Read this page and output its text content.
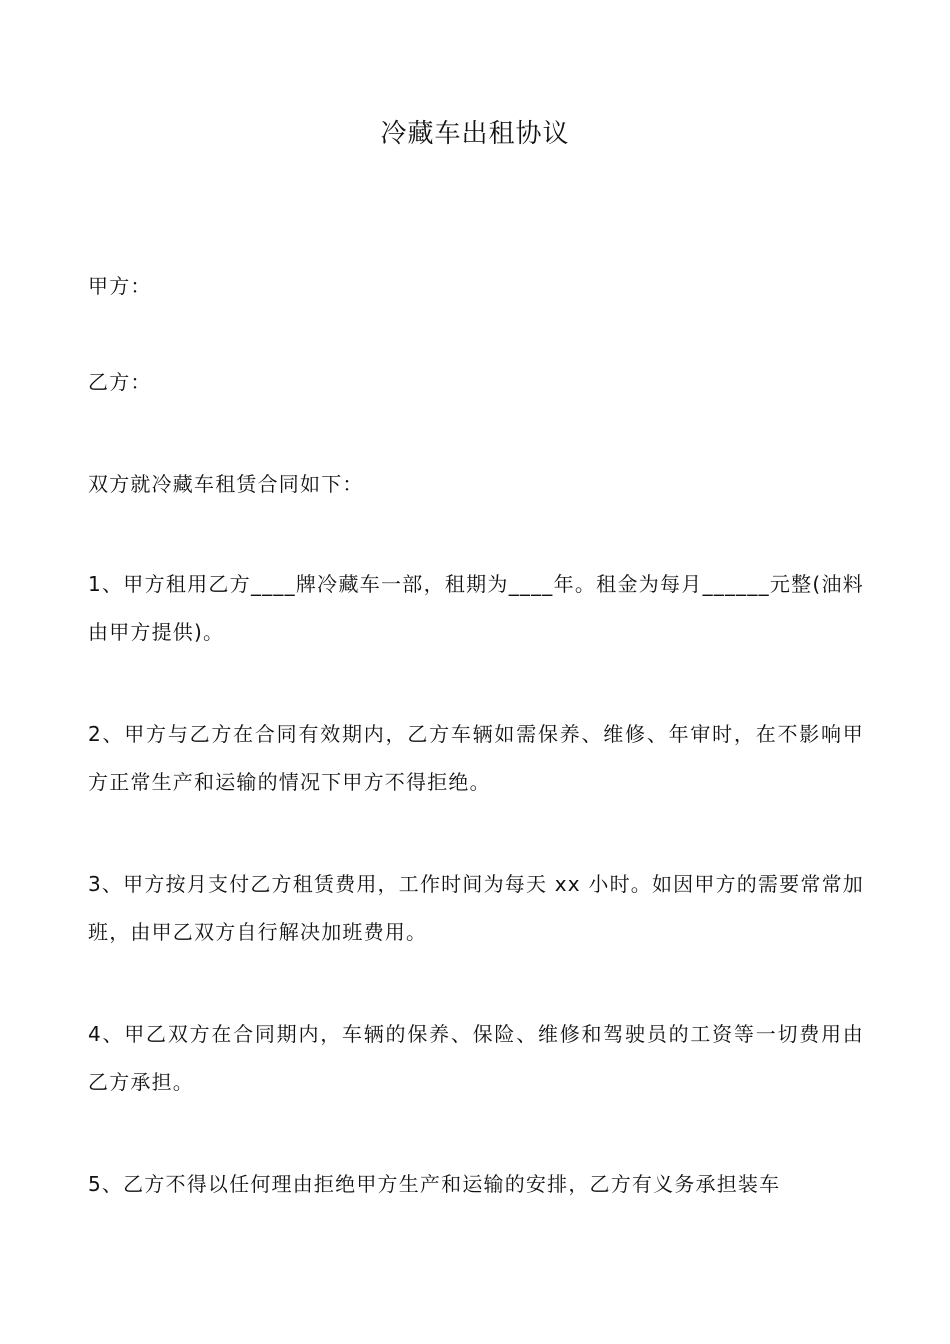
冷藏车出租协议

甲方：

乙方：

双方就冷藏车租赁合同如下：

1、甲方租用乙方____牌冷藏车一部，租期为____年。租金为每月______元整(油料由甲方提供)。

2、甲方与乙方在合同有效期内，乙方车辆如需保养、维修、年审时，在不影响甲方正常生产和运输的情况下甲方不得拒绝。

3、甲方按月支付乙方租赁费用，工作时间为每天 xx 小时。如因甲方的需要常常加班，由甲乙双方自行解决加班费用。

4、甲乙双方在合同期内，车辆的保养、保险、维修和驾驶员的工资等一切费用由乙方承担。

5、乙方不得以任何理由拒绝甲方生产和运输的安排，乙方有义务承担装车
